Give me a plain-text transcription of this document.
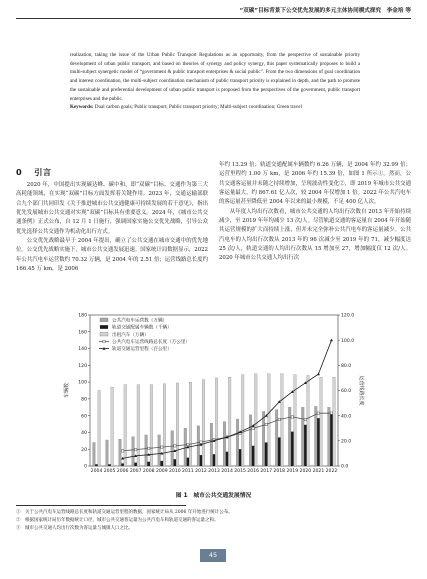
“双碳”目标背景下公交优先发展的多元主体协同模式探究　李金培 等
realization, taking the issue of the Urban Public Transport Regulations as an opportunity, from the perspective of sustainable priority development of urban public transport, and based on theories of synergy and policy synergy, this paper systematically proposes to build a multi-subject synergetic model of “government & public transport enterprises & social public”. From the two dimensions of goal coordination and interest coordination, the multi-subject coordination mechanism of public transport priority is explained in depth, and the path to promote the sustainable and preferential development of urban public transport is proposed from the perspectives of the government, public transport enterprises and the public.
Keywords: Dual carbon goals; Public transport; Public transport priority; Multi-subject coordination; Green travel
0 引言

2020 年，中国提出实现碳达峰、碳中和，即“双碳”目标。交通作为第三大高耗能领域，在实现“双碳”目标方面发挥着关键作用。2023 年，交通运输部联合九个部门共同印发《关于推进城市公共交通健康可持续发展的若干意见》，指出优先发展城市公共交通对实现“双碳”目标具有重要意义。2024 年，《城市公共交通条例》正式公布，自 12 月 1 日施行，强调国家实施公交优先战略，引导公众优先选择公共交通作为机动化出行方式。

公交优先战略最早于 2004 年提出，确立了公共交通在城市交通中的优先地位。公交优先战略实施下，城市公共交通发展迅速。国家统计局数据显示，2022 年公共汽电车运营数约 70.32 万辆，是 2004 年的 2.51 倍；运营线路总长度约 166.45 万 km，是 2006

年约 13.29 倍；轨道交通配属车辆数约 6.26 万辆，是 2004 年约 32.99 倍；运营里程约 1.00 万 km，是 2006 年约 15.39 倍，如图 1 所示①。然而，公共交通客运量并未随之持续增加，呈现波动性变化②，即 2019 年城市公共交通客运量最大，约 867.61 亿人次，较 2004 年仅增加 1 倍。2022 年公共汽电车的客运量甚至降低至 2004 年以来的最小规模，不足 400 亿人次。

从年度人均出行次数看，城市公共交通的人均出行次数自 2013 年开始持续减少，至 2019 年年均减少 13 次/人。尽管轨道交通的客运量自 2004 年开始随其运营规模的扩大而持续上涨，但并未完全弥补公共汽电车的客运量减少。公共汽电车的人均出行次数从 2013 年的 96 次减少至 2019 年的 71，减少幅度达 25 次/人，轨道交通的人均出行次数从 15 增加至 27，增加幅度仅 12 次/人。2020 年城市公共交通人均出行次

0
20
40
60
80
100
120
140
160
180
0.0
20.0
40.0
60.0
80.0
100.0
120.0
车辆数	运营线路长度
2004 2005 2006 2007 2008 2009 2010 2011 2012 2013 2014 2015 2016 2017 2018 2019 2020 2021 2022
公共汽电车运营数（万辆）
轨道交通配属车辆数（千辆）
出租汽车（万辆）
公共汽电车运营线路总长度（万公里）
轨道交通运营里程（百公里）
图 1　城市公共交通发展情况
①　关于公共汽电车运营线路总长度和轨道交通运营里程的数据，国家统计局从 2006 年开始进行统计公布。
②　根据国家统计局历年数据统计口径，城市公共交通客运量为公共汽电车和轨道交通的客运量之和。
③　城市公共交通人均出行次数为客运量与城镇人口之比。
45
